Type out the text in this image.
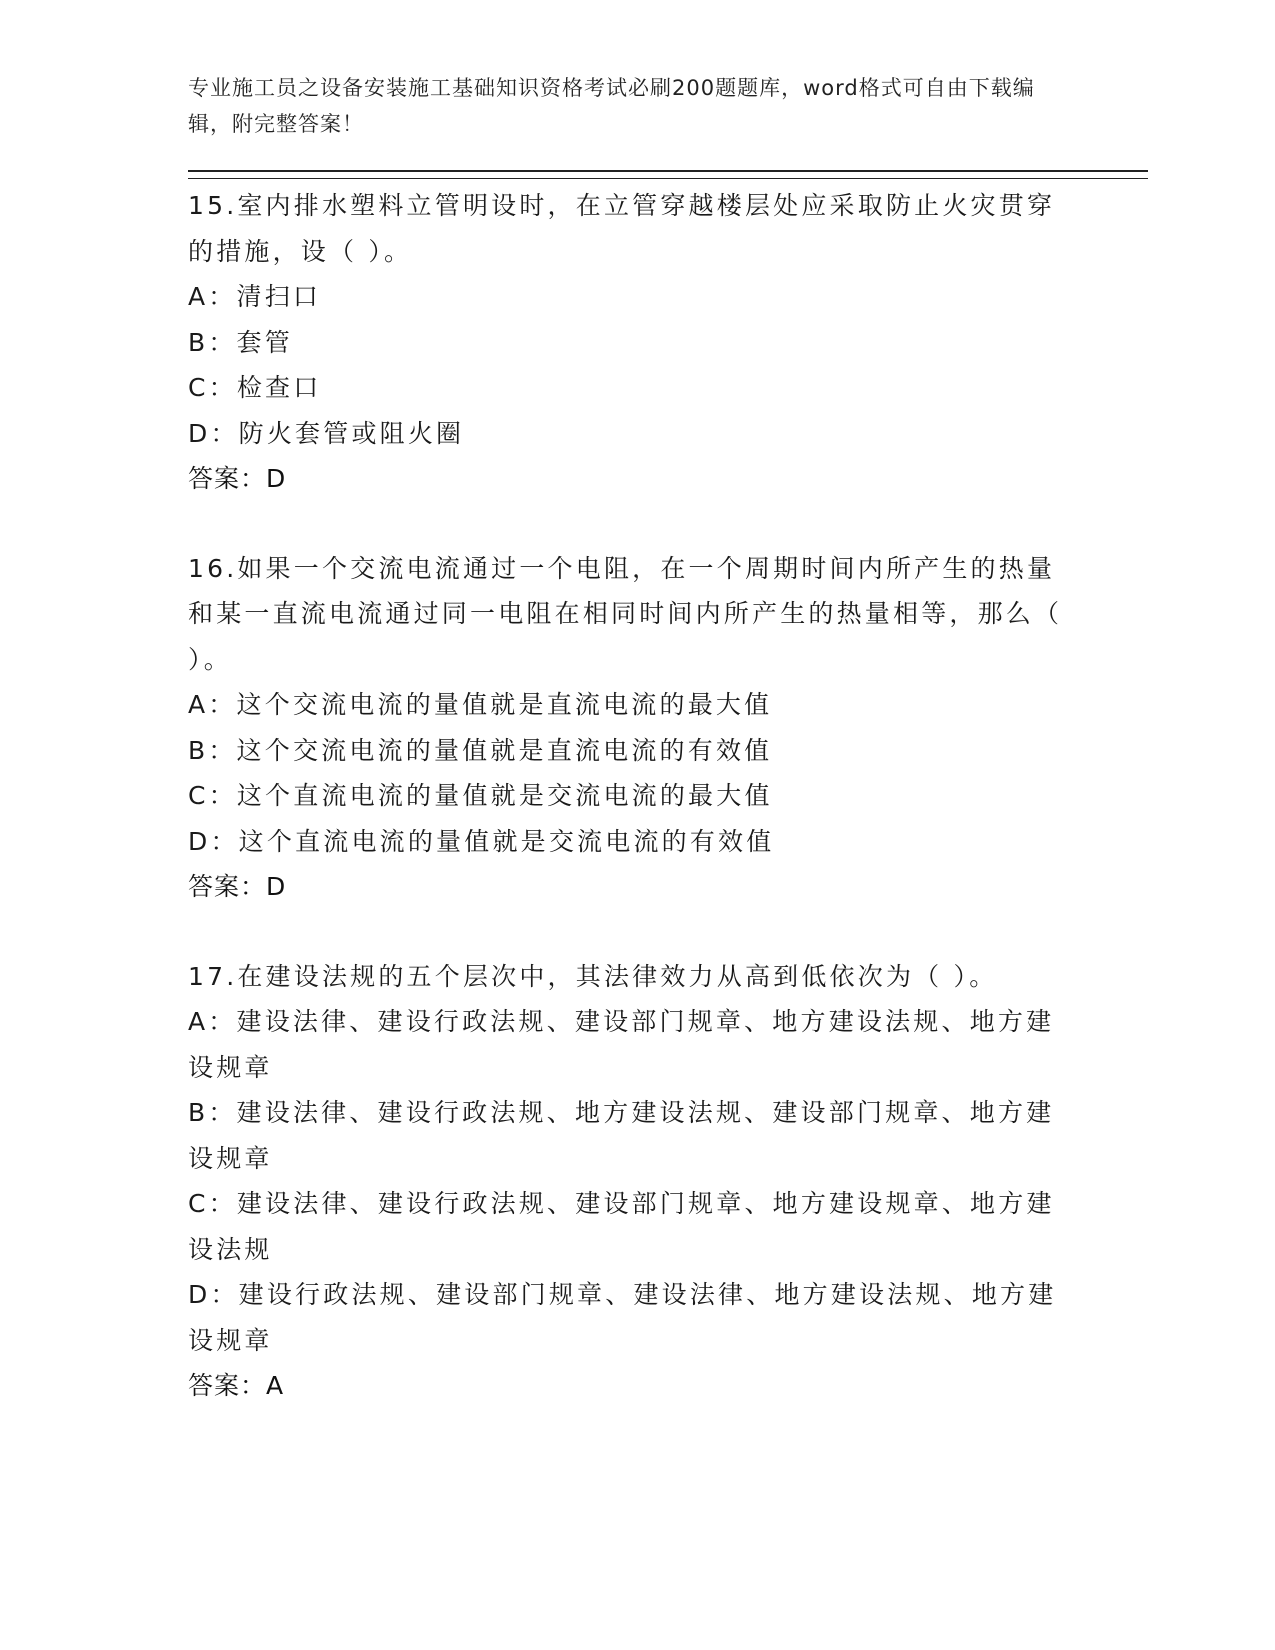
专业施工员之设备安装施工基础知识资格考试必刷200题题库，word格式可自由下载编辑，附完整答案！
15.室内排水塑料立管明设时，在立管穿越楼层处应采取防止火灾贯穿的措施，设（ ）。
A：清扫口
B：套管
C：检查口
D：防火套管或阻火圈
答案：D
16.如果一个交流电流通过一个电阻，在一个周期时间内所产生的热量和某一直流电流通过同一电阻在相同时间内所产生的热量相等，那么（ ）。
A：这个交流电流的量值就是直流电流的最大值
B：这个交流电流的量值就是直流电流的有效值
C：这个直流电流的量值就是交流电流的最大值
D：这个直流电流的量值就是交流电流的有效值
答案：D
17.在建设法规的五个层次中，其法律效力从高到低依次为（ ）。
A：建设法律、建设行政法规、建设部门规章、地方建设法规、地方建设规章
B：建设法律、建设行政法规、地方建设法规、建设部门规章、地方建设规章
C：建设法律、建设行政法规、建设部门规章、地方建设规章、地方建设法规
D：建设行政法规、建设部门规章、建设法律、地方建设法规、地方建设规章
答案：A
